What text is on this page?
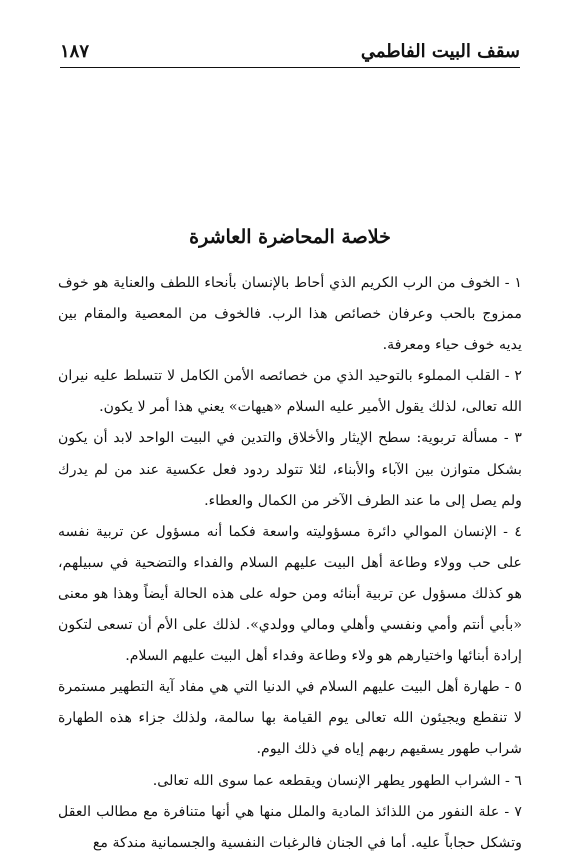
سقف البيت الفاطمي
١٨٧
خلاصة المحاضرة العاشرة
١ - الخوف من الرب الكريم الذي أحاط بالإنسان بأنحاء اللطف والعناية هو خوف ممزوج بالحب وعرفان خصائص هذا الرب. فالخوف من المعصية والمقام بين يديه خوف حياء ومعرفة.
٢ - القلب المملوء بالتوحيد الذي من خصائصه الأمن الكامل لا تتسلط عليه نيران الله تعالى، لذلك يقول الأمير عليه السلام «هيهات» يعني هذا أمر لا يكون.
٣ - مسألة تربوية: سطح الإيثار والأخلاق والتدين في البيت الواحد لابد أن يكون بشكل متوازن بين الآباء والأبناء، لئلا تتولد ردود فعل عكسية عند من لم يدرك ولم يصل إلى ما عند الطرف الآخر من الكمال والعطاء.
٤ - الإنسان الموالي دائرة مسؤوليته واسعة فكما أنه مسؤول عن تربية نفسه على حب وولاء وطاعة أهل البيت عليهم السلام والفداء والتضحية في سبيلهم، هو كذلك مسؤول عن تربية أبنائه ومن حوله على هذه الحالة أيضاً وهذا هو معنى «بأبي أنتم وأمي ونفسي وأهلي ومالي وولدي». لذلك على الأم أن تسعى لتكون إرادة أبنائها واختيارهم هو ولاء وطاعة وفداء أهل البيت عليهم السلام.
٥ - طهارة أهل البيت عليهم السلام في الدنيا التي هي مفاد آية التطهير مستمرة لا تنقطع ويجيئون الله تعالى يوم القيامة بها سالمة، ولذلك جزاء هذه الطهارة شراب طهور يسقيهم ربهم إياه في ذلك اليوم.
٦ - الشراب الطهور يطهر الإنسان ويقطعه عما سوى الله تعالى.
٧ - علة النفور من اللذائذ المادية والملل منها هي أنها متنافرة مع مطالب العقل وتشكل حجاباً عليه. أما في الجنان فالرغبات النفسية والجسمانية مندكة مع
